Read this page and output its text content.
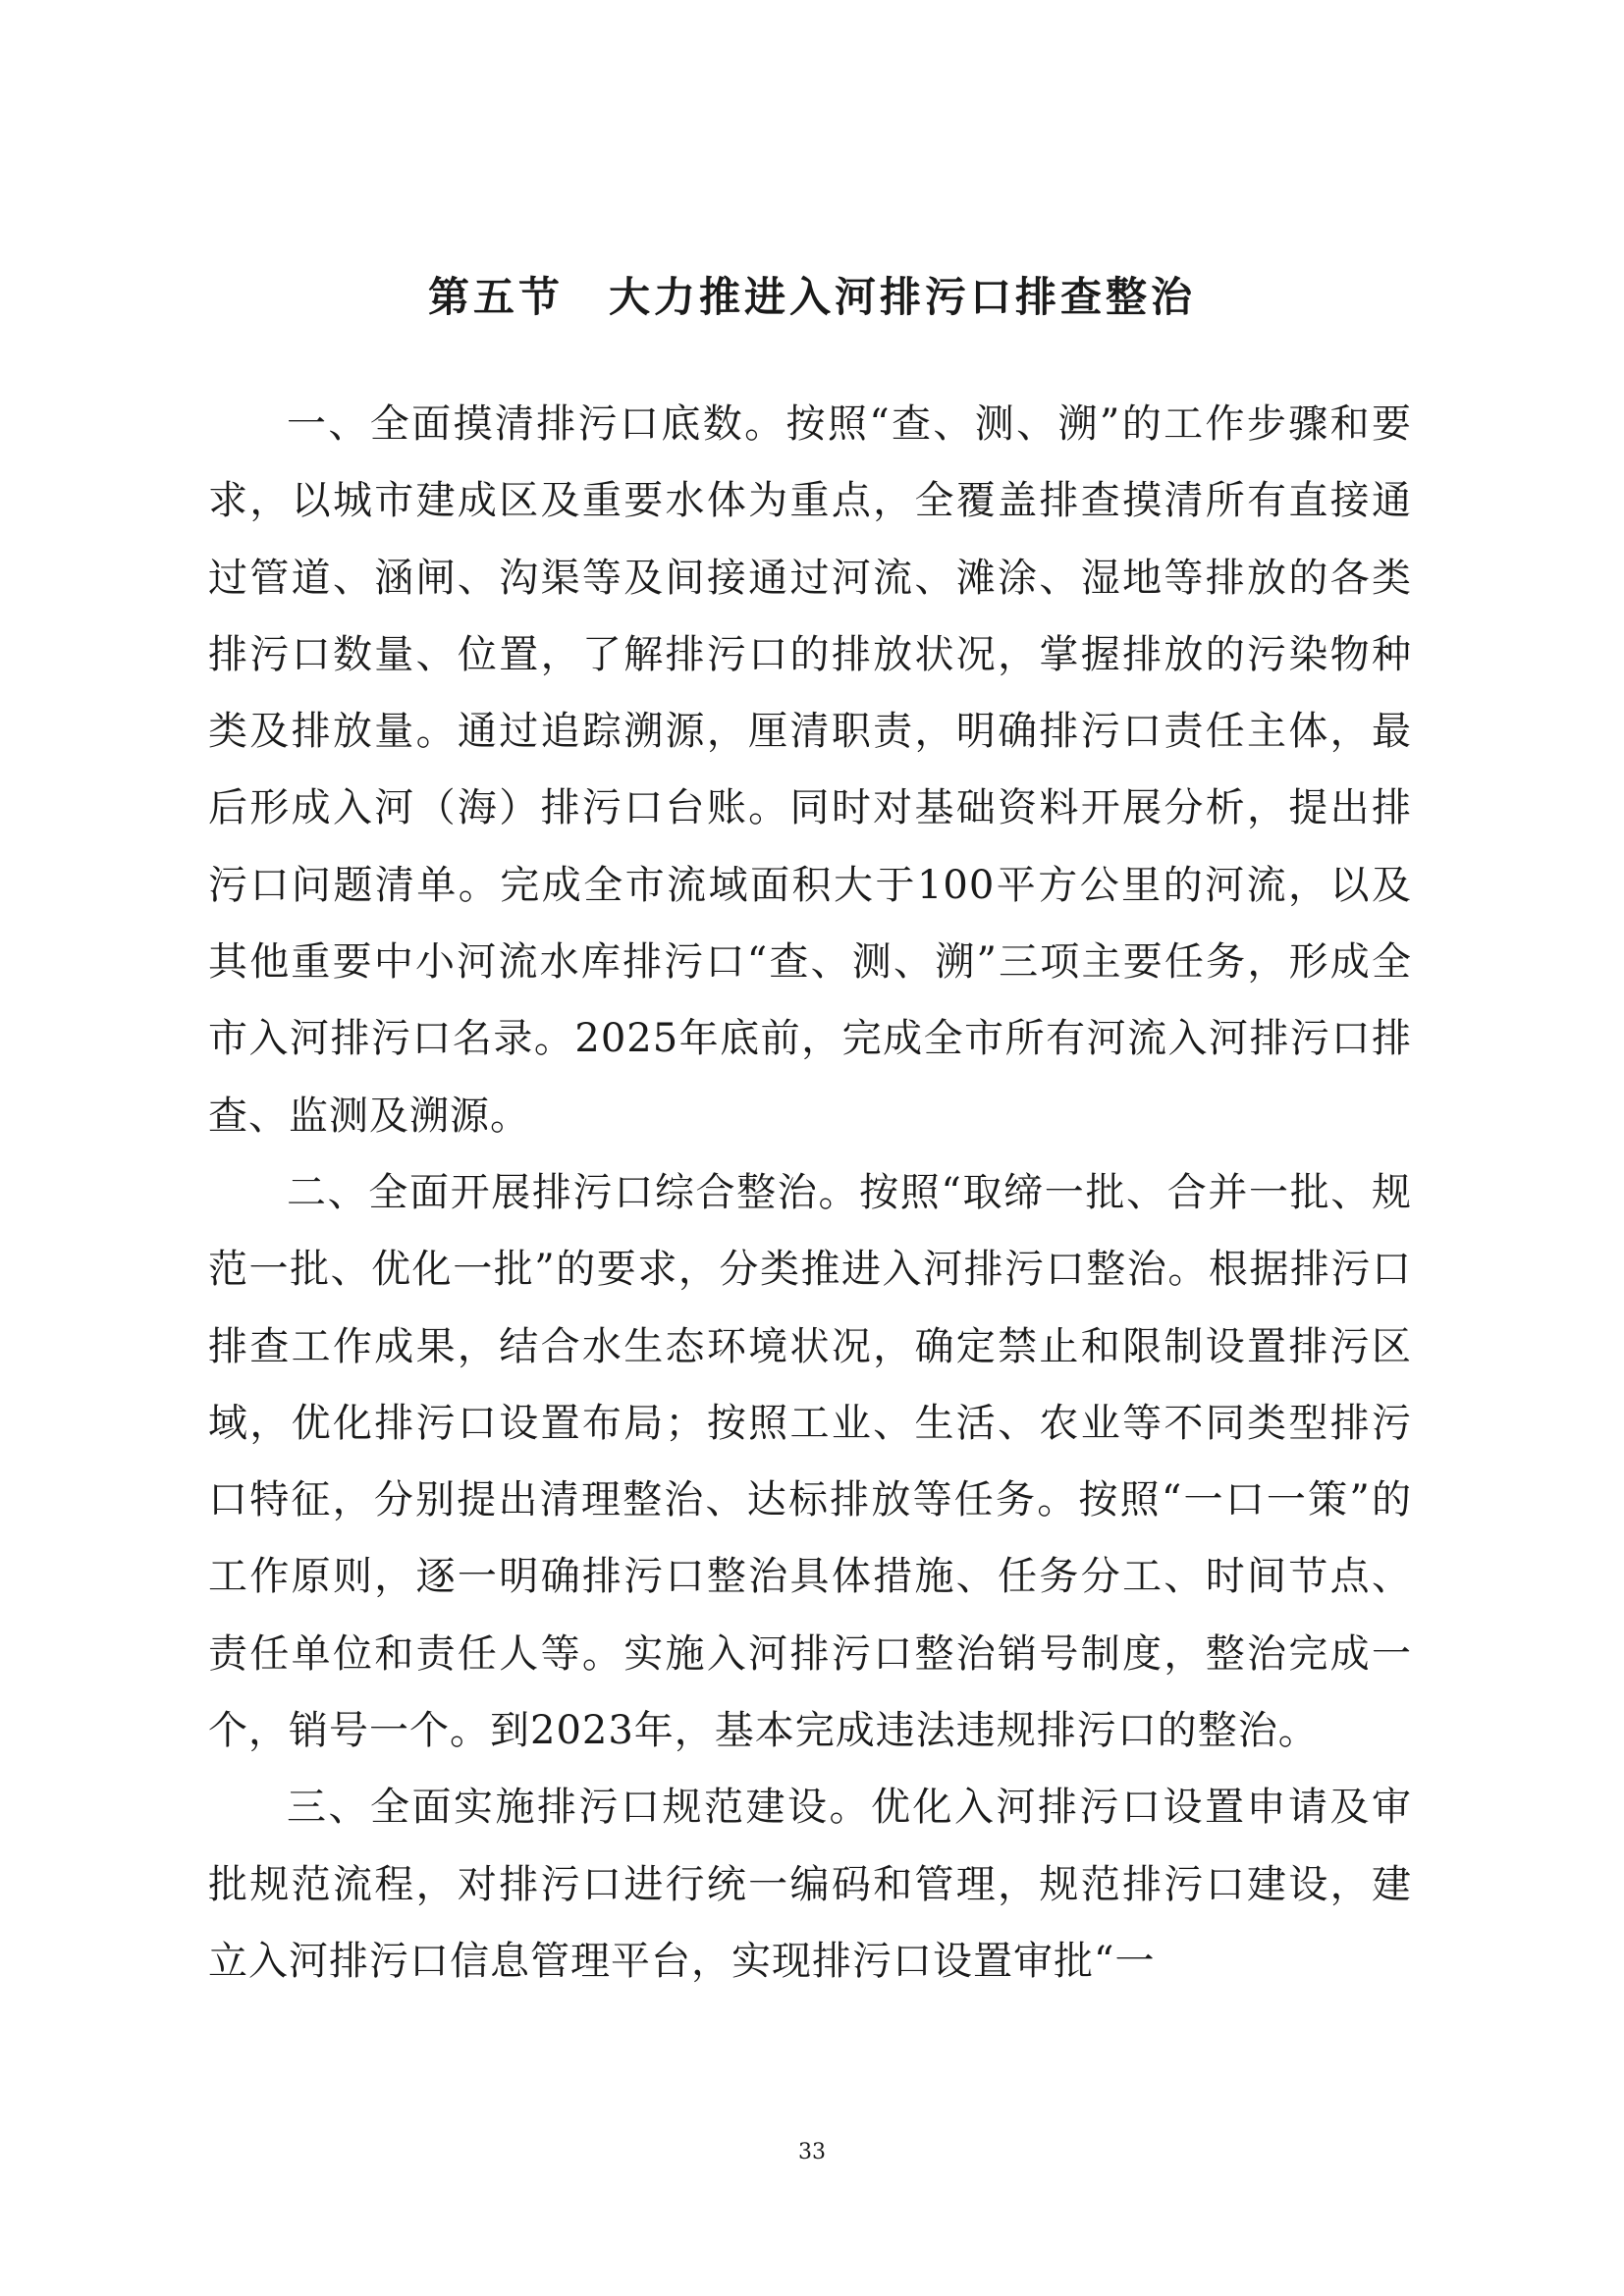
第五节　大力推进入河排污口排查整治

一、全面摸清排污口底数。按照“查、测、溯”的工作步骤和要求，以城市建成区及重要水体为重点，全覆盖排查摸清所有直接通过管道、涵闸、沟渠等及间接通过河流、滩涂、湿地等排放的各类排污口数量、位置，了解排污口的排放状况，掌握排放的污染物种类及排放量。通过追踪溯源，厘清职责，明确排污口责任主体，最后形成入河（海）排污口台账。同时对基础资料开展分析，提出排污口问题清单。完成全市流域面积大于100平方公里的河流，以及其他重要中小河流水库排污口“查、测、溯”三项主要任务，形成全市入河排污口名录。2025年底前，完成全市所有河流入河排污口排查、监测及溯源。

二、全面开展排污口综合整治。按照“取缔一批、合并一批、规范一批、优化一批”的要求，分类推进入河排污口整治。根据排污口排查工作成果，结合水生态环境状况，确定禁止和限制设置排污区域，优化排污口设置布局；按照工业、生活、农业等不同类型排污口特征，分别提出清理整治、达标排放等任务。按照“一口一策”的工作原则，逐一明确排污口整治具体措施、任务分工、时间节点、责任单位和责任人等。实施入河排污口整治销号制度，整治完成一个，销号一个。到2023年，基本完成违法违规排污口的整治。

三、全面实施排污口规范建设。优化入河排污口设置申请及审批规范流程，对排污口进行统一编码和管理，规范排污口建设，建立入河排污口信息管理平台，实现排污口设置审批“一

33
